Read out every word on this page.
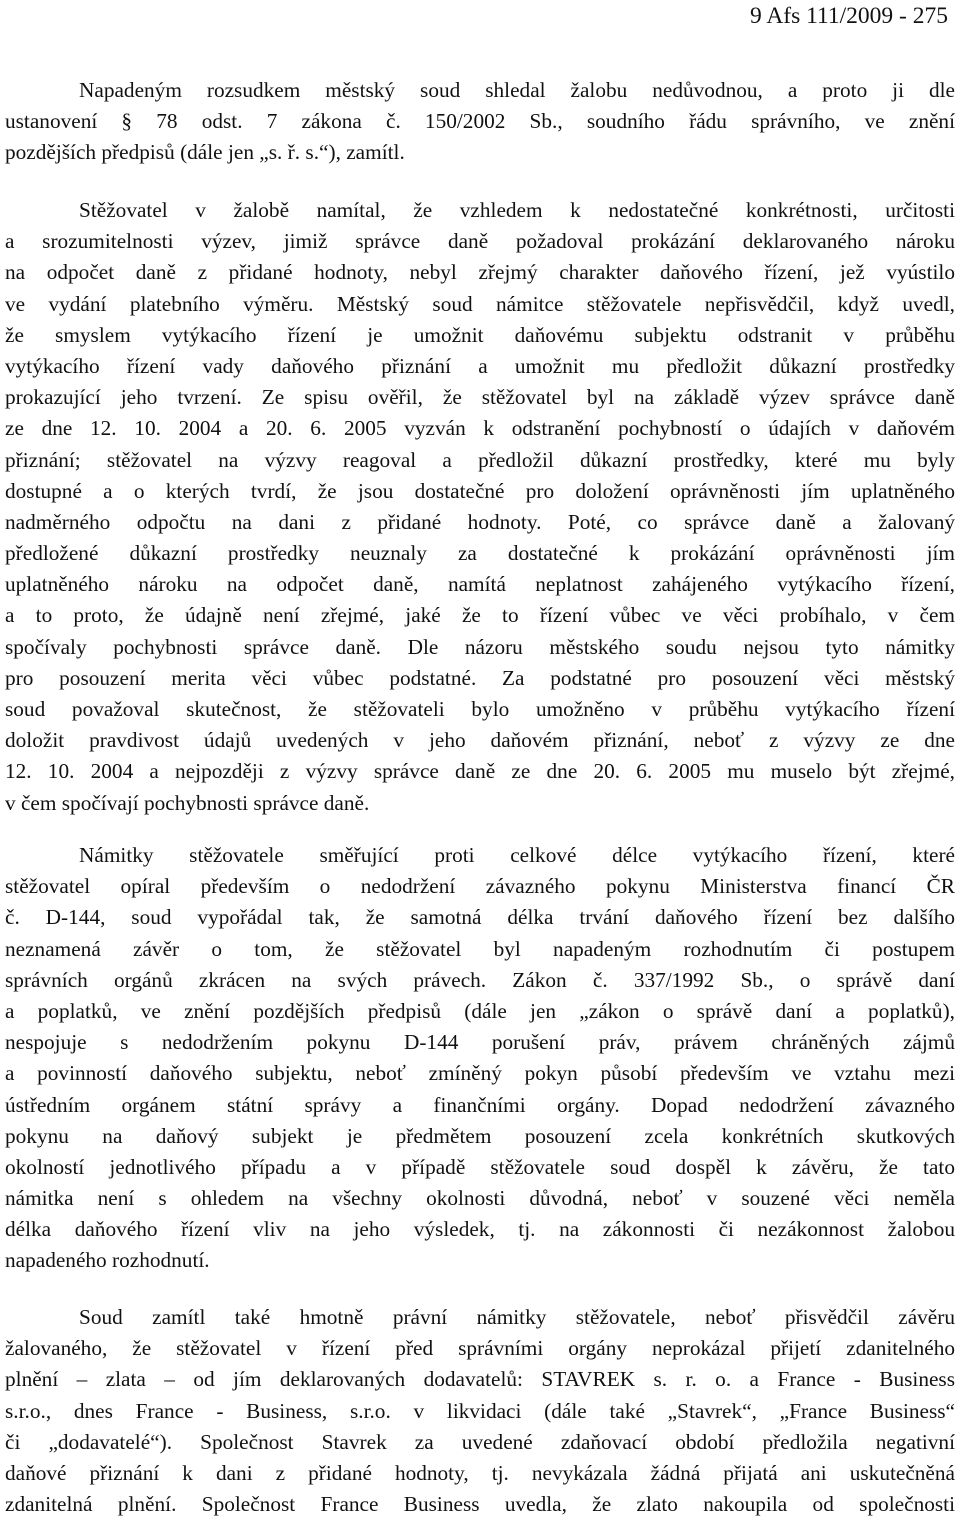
9 Afs 111/2009 - 275
Napadeným rozsudkem městský soud shledal žalobu nedůvodnou, a proto ji dle
ustanovení § 78 odst. 7 zákona č. 150/2002 Sb., soudního řádu správního, ve znění
pozdějších předpisů (dále jen „s. ř. s.“), zamítl.
Stěžovatel v žalobě namítal, že vzhledem k nedostatečné konkrétnosti, určitosti
a srozumitelnosti výzev, jimiž správce daně požadoval prokázání deklarovaného nároku
na odpočet daně z přidané hodnoty, nebyl zřejmý charakter daňového řízení, jež vyústilo
ve vydání platebního výměru. Městský soud námitce stěžovatele nepřisvědčil, když uvedl,
že smyslem vytýkacího řízení je umožnit daňovému subjektu odstranit v průběhu
vytýkacího řízení vady daňového přiznání a umožnit mu předložit důkazní prostředky
prokazující jeho tvrzení. Ze spisu ověřil, že stěžovatel byl na základě výzev správce daně
ze dne 12. 10. 2004 a 20. 6. 2005 vyzván k odstranění pochybností o údajích v daňovém
přiznání; stěžovatel na výzvy reagoval a předložil důkazní prostředky, které mu byly
dostupné a o kterých tvrdí, že jsou dostatečné pro doložení oprávněnosti jím uplatněného
nadměrného odpočtu na dani z přidané hodnoty. Poté, co správce daně a žalovaný
předložené důkazní prostředky neuznaly za dostatečné k prokázání oprávněnosti jím
uplatněného nároku na odpočet daně, namítá neplatnost zahájeného vytýkacího řízení,
a to proto, že údajně není zřejmé, jaké že to řízení vůbec ve věci probíhalo, v čem
spočívaly pochybnosti správce daně. Dle názoru městského soudu nejsou tyto námitky
pro posouzení merita věci vůbec podstatné. Za podstatné pro posouzení věci městský
soud považoval skutečnost, že stěžovateli bylo umožněno v průběhu vytýkacího řízení
doložit pravdivost údajů uvedených v jeho daňovém přiznání, neboť z výzvy ze dne
12. 10. 2004 a nejpozději z výzvy správce daně ze dne 20. 6. 2005 mu muselo být zřejmé,
v čem spočívají pochybnosti správce daně.
Námitky stěžovatele směřující proti celkové délce vytýkacího řízení, které
stěžovatel opíral především o nedodržení závazného pokynu Ministerstva financí ČR
č. D-144, soud vypořádal tak, že samotná délka trvání daňového řízení bez dalšího
neznamená závěr o tom, že stěžovatel byl napadeným rozhodnutím či postupem
správních orgánů zkrácen na svých právech. Zákon č. 337/1992 Sb., o správě daní
a poplatků, ve znění pozdějších předpisů (dále jen „zákon o správě daní a poplatků),
nespojuje s nedodržením pokynu D-144 porušení práv, právem chráněných zájmů
a povinností daňového subjektu, neboť zmíněný pokyn působí především ve vztahu mezi
ústředním orgánem státní správy a finančními orgány. Dopad nedodržení závazného
pokynu na daňový subjekt je předmětem posouzení zcela konkrétních skutkových
okolností jednotlivého případu a v případě stěžovatele soud dospěl k závěru, že tato
námitka není s ohledem na všechny okolnosti důvodná, neboť v souzené věci neměla
délka daňového řízení vliv na jeho výsledek, tj. na zákonnosti či nezákonnost žalobou
napadeného rozhodnutí.
Soud zamítl také hmotně právní námitky stěžovatele, neboť přisvědčil závěru
žalovaného, že stěžovatel v řízení před správními orgány neprokázal přijetí zdanitelného
plnění – zlata – od jím deklarovaných dodavatelů: STAVREK s. r. o. a France - Business
s.r.o., dnes France - Business, s.r.o. v likvidaci (dále také „Stavrek“, „France Business“
či „dodavatelé“). Společnost Stavrek za uvedené zdaňovací období předložila negativní
daňové přiznání k dani z přidané hodnoty, tj. nevykázala žádná přijatá ani uskutečněná
zdanitelná plnění. Společnost France Business uvedla, že zlato nakoupila od společnosti
